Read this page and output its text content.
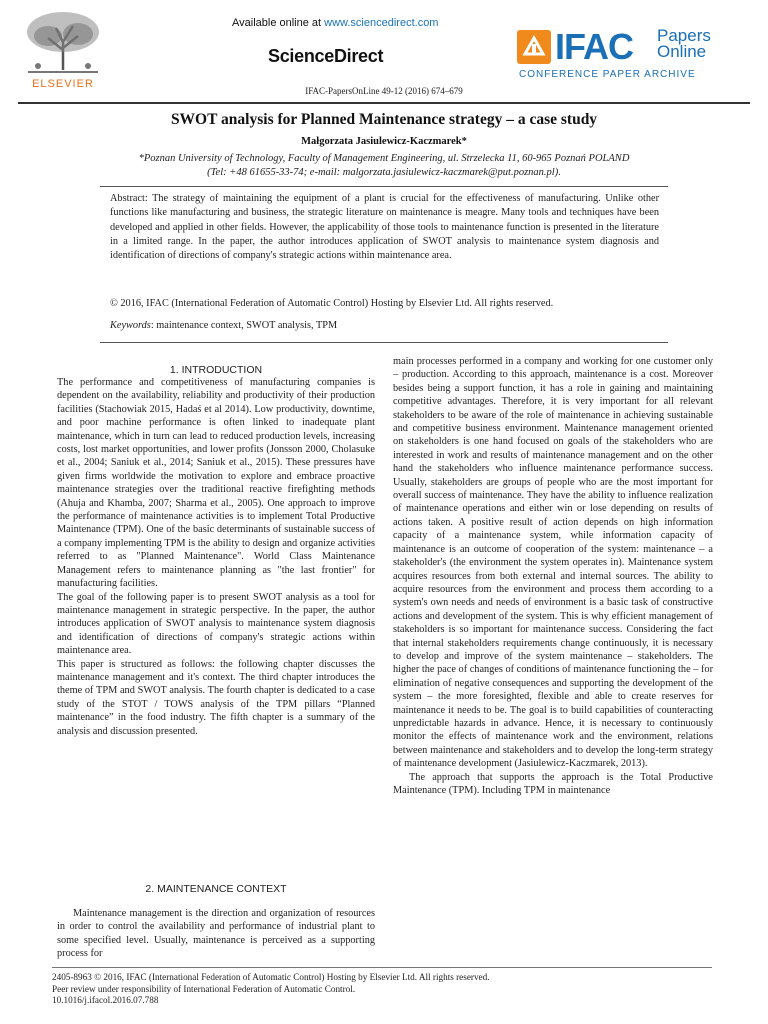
ELSEVIER
Available online at www.sciencedirect.com
ScienceDirect	IFAC Papers
Online
CONFERENCE PAPER ARCHIVE
IFAC-PapersOnLine 49-12 (2016) 674–679
SWOT analysis for Planned Maintenance strategy – a case study
Małgorzata Jasiulewicz-Kaczmarek*
*Poznan University of Technology, Faculty of Management Engineering, ul. Strzelecka 11, 60-965 Poznań POLAND
(Tel: +48 61655-33-74; e-mail: malgorzata.jasiulewicz-kaczmarek@put.poznan.pl).
Abstract: The strategy of maintaining the equipment of a plant is crucial for the effectiveness of manufacturing. Unlike other functions like manufacturing and business, the strategic literature on maintenance is meagre. Many tools and techniques have been developed and applied in other fields. However, the applicability of those tools to maintenance function is presented in the literature in a limited range. In the paper, the author introduces application of SWOT analysis to maintenance system diagnosis and identification of directions of company's strategic actions within maintenance area.
© 2016, IFAC (International Federation of Automatic Control) Hosting by Elsevier Ltd. All rights reserved.
Keywords: maintenance context, SWOT analysis, TPM
1. INTRODUCTION

The performance and competitiveness of manufacturing companies is dependent on the availability, reliability and productivity of their production facilities (Stachowiak 2015, Hadaś et al 2014). Low productivity, downtime, and poor machine performance is often linked to inadequate plant maintenance, which in turn can lead to reduced production levels, increasing costs, lost market opportunities, and lower profits (Jonsson 2000, Cholasuke et al., 2004; Saniuk et al., 2014; Saniuk et al., 2015). These pressures have given firms worldwide the motivation to explore and embrace proactive maintenance strategies over the traditional reactive firefighting methods (Ahuja and Khamba, 2007; Sharma et al., 2005). One approach to improve the performance of maintenance activities is to implement Total Productive Maintenance (TPM). One of the basic determinants of sustainable success of a company implementing TPM is the ability to design and organize activities referred to as "Planned Maintenance". World Class Maintenance Management refers to maintenance planning as "the last frontier" for manufacturing facilities.

The goal of the following paper is to present SWOT analysis as a tool for maintenance management in strategic perspective. In the paper, the author introduces application of SWOT analysis to maintenance system diagnosis and identification of directions of company's strategic actions within maintenance area.

This paper is structured as follows: the following chapter discusses the maintenance management and it's context. The third chapter introduces the theme of TPM and SWOT analysis. The fourth chapter is dedicated to a case study of the STOT / TOWS analysis of the TPM pillars “Planned maintenance” in the food industry. The fifth chapter is a summary of the analysis and discussion presented.

2. MAINTENANCE CONTEXT

Maintenance management is the direction and organization of resources in order to control the availability and performance of industrial plant to some specified level. Usually, maintenance is perceived as a supporting process for

main processes performed in a company and working for one customer only – production. According to this approach, maintenance is a cost. Moreover besides being a support function, it has a role in gaining and maintaining competitive advantages. Therefore, it is very important for all relevant stakeholders to be aware of the role of maintenance in achieving sustainable and competitive business environment. Maintenance management oriented on stakeholders is one hand focused on goals of the stakeholders who are interested in work and results of maintenance management and on the other hand the stakeholders who influence maintenance performance success. Usually, stakeholders are groups of people who are the most important for overall success of maintenance. They have the ability to influence realization of maintenance operations and either win or lose depending on results of actions taken. A positive result of action depends on high information capacity of a maintenance system, while information capacity of maintenance is an outcome of cooperation of the system: maintenance – a stakeholder's (the environment the system operates in). Maintenance system acquires resources from both external and internal sources. The ability to acquire resources from the environment and process them according to a system's own needs and needs of environment is a basic task of constructive actions and development of the system. This is why efficient management of stakeholders is so important for maintenance success. Considering the fact that internal stakeholders requirements change continuously, it is necessary to develop and improve of the system maintenance – stakeholders. The higher the pace of changes of conditions of maintenance functioning the – for elimination of negative consequences and supporting the development of the system – the more foresighted, flexible and able to create reserves for maintenance it needs to be. The goal is to build capabilities of counteracting unpredictable hazards in advance. Hence, it is necessary to continuously monitor the effects of maintenance work and the environment, relations between maintenance and stakeholders and to develop the long-term strategy of maintenance development (Jasiulewicz-Kaczmarek, 2013).

The approach that supports the approach is the Total Productive Maintenance (TPM). Including TPM in maintenance

2405-8963 © 2016, IFAC (International Federation of Automatic Control) Hosting by Elsevier Ltd. All rights reserved.
Peer review under responsibility of International Federation of Automatic Control.
10.1016/j.ifacol.2016.07.788
